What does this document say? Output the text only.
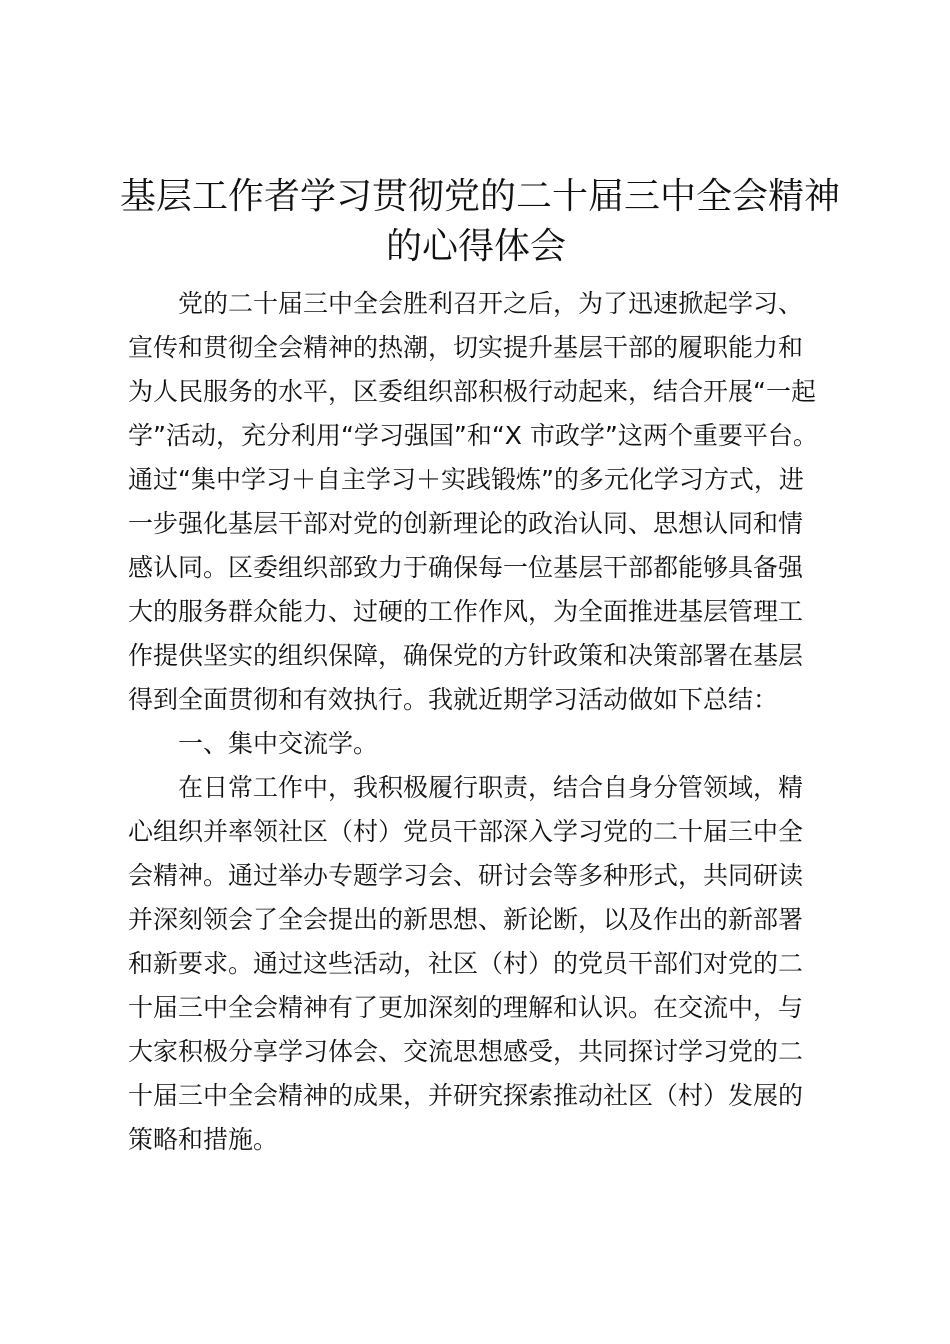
基层工作者学习贯彻党的二十届三中全会精神
的心得体会
党的二十届三中全会胜利召开之后，为了迅速掀起学习、
宣传和贯彻全会精神的热潮，切实提升基层干部的履职能力和
为人民服务的水平，区委组织部积极行动起来，结合开展“一起
学”活动，充分利用“学习强国”和“X 市政学”这两个重要平台。
通过“集中学习＋自主学习＋实践锻炼”的多元化学习方式，进
一步强化基层干部对党的创新理论的政治认同、思想认同和情
感认同。区委组织部致力于确保每一位基层干部都能够具备强
大的服务群众能力、过硬的工作作风，为全面推进基层管理工
作提供坚实的组织保障，确保党的方针政策和决策部署在基层
得到全面贯彻和有效执行。我就近期学习活动做如下总结：
一、集中交流学。
在日常工作中，我积极履行职责，结合自身分管领域，精
心组织并率领社区（村）党员干部深入学习党的二十届三中全
会精神。通过举办专题学习会、研讨会等多种形式，共同研读
并深刻领会了全会提出的新思想、新论断，以及作出的新部署
和新要求。通过这些活动，社区（村）的党员干部们对党的二
十届三中全会精神有了更加深刻的理解和认识。在交流中，与
大家积极分享学习体会、交流思想感受，共同探讨学习党的二
十届三中全会精神的成果，并研究探索推动社区（村）发展的
策略和措施。
